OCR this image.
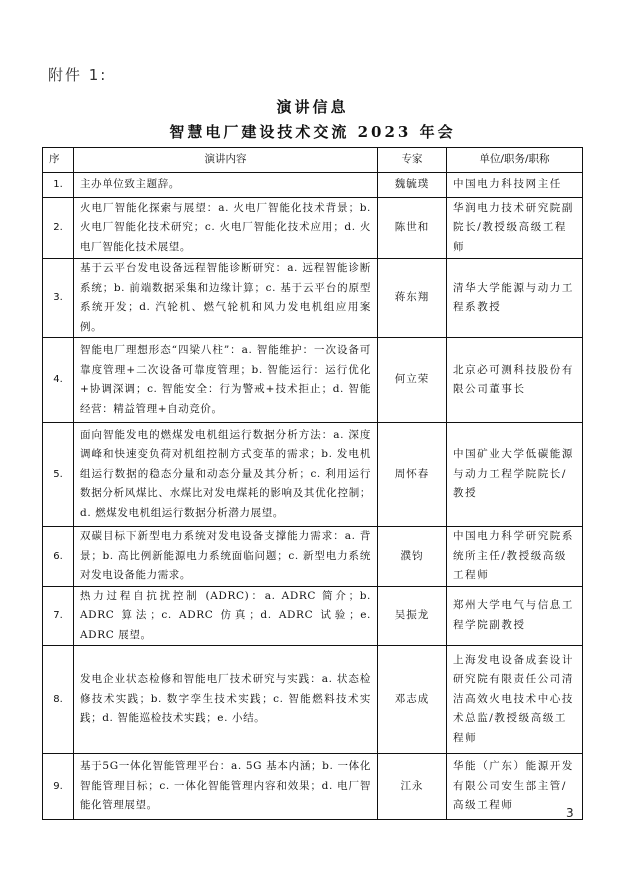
附件 1:
演讲信息
智慧电厂建设技术交流 2023 年会
序	演讲内容	专家	单位/职务/职称
1.	主办单位致主题辞。	魏毓璞	中国电力科技网主任
2.	火电厂智能化探索与展望：a. 火电厂智能化技术背景；b. 火电厂智能化技术研究；c. 火电厂智能化技术应用；d. 火电厂智能化技术展望。	陈世和	华润电力技术研究院副院长/教授级高级工程师
3.	基于云平台发电设备远程智能诊断研究：a. 远程智能诊断系统；b. 前端数据采集和边缘计算；c. 基于云平台的原型系统开发；d. 汽轮机、燃气轮机和风力发电机组应用案例。	蒋东翔	清华大学能源与动力工程系教授
4.	智能电厂理想形态“四梁八柱”：a. 智能维护：一次设备可靠度管理+二次设备可靠度管理；b. 智能运行：运行优化+协调深调；c. 智能安全：行为警戒+技术拒止；d. 智能经营：精益管理+自动竞价。	何立荣	北京必可测科技股份有限公司董事长
5.	面向智能发电的燃煤发电机组运行数据分析方法：a. 深度调峰和快速变负荷对机组控制方式变革的需求；b. 发电机组运行数据的稳态分量和动态分量及其分析；c. 利用运行数据分析风煤比、水煤比对发电煤耗的影响及其优化控制；d. 燃煤发电机组运行数据分析潜力展望。	周怀春	中国矿业大学低碳能源与动力工程学院院长/教授
6.	双碳目标下新型电力系统对发电设备支撑能力需求：a. 背景；b. 高比例新能源电力系统面临问题；c. 新型电力系统对发电设备能力需求。	濮钧	中国电力科学研究院系统所主任/教授级高级工程师
7.	热力过程自抗扰控制 (ADRC)：a. ADRC 简介；b. ADRC 算法；c. ADRC 仿真；d. ADRC 试验；e. ADRC 展望。	吴振龙	郑州大学电气与信息工程学院副教授
8.	发电企业状态检修和智能电厂技术研究与实践：a. 状态检修技术实践；b. 数字孪生技术实践；c. 智能燃料技术实践；d. 智能巡检技术实践；e. 小结。	邓志成	上海发电设备成套设计研究院有限责任公司清洁高效火电技术中心技术总监/教授级高级工程师
9.	基于5G一体化智能管理平台：a. 5G 基本内涵；b. 一体化智能管理目标；c. 一体化智能管理内容和效果；d. 电厂智能化管理展望。	江永	华能（广东）能源开发有限公司安生部主管/高级工程师
3
